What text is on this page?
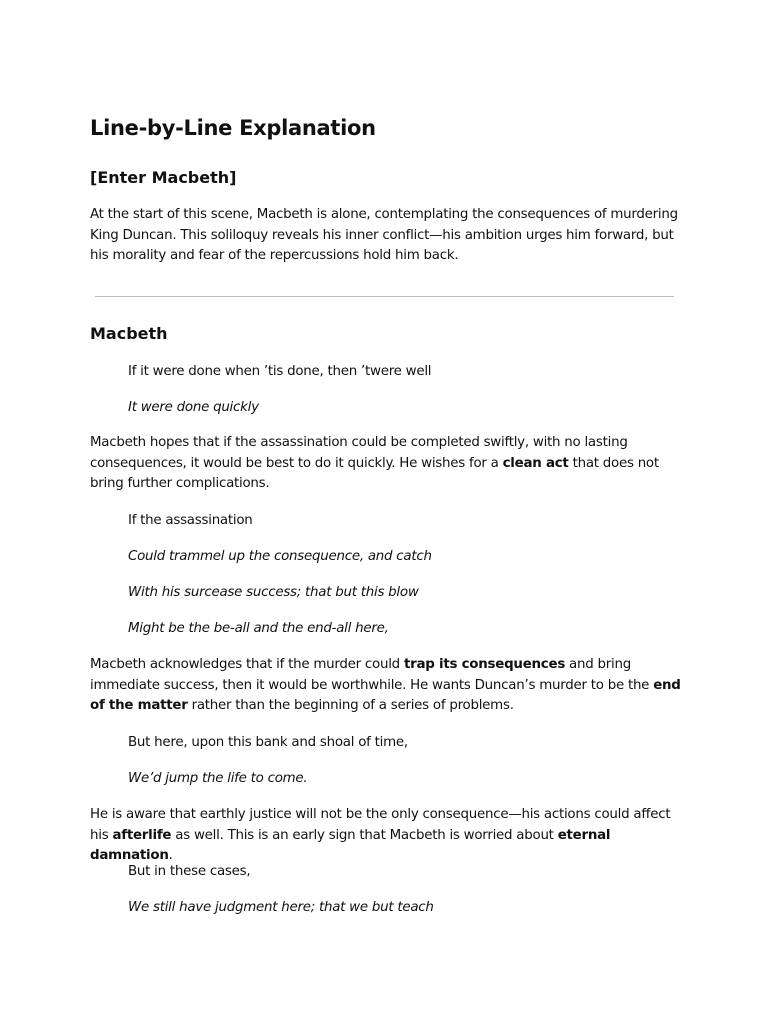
Line-by-Line Explanation
[Enter Macbeth]

At the start of this scene, Macbeth is alone, contemplating the consequences of murdering King Duncan. This soliloquy reveals his inner conflict—his ambition urges him forward, but his morality and fear of the repercussions hold him back.

Macbeth

If it were done when ’tis done, then ’twere well

It were done quickly

Macbeth hopes that if the assassination could be completed swiftly, with no lasting consequences, it would be best to do it quickly. He wishes for a clean act that does not bring further complications.

If the assassination

Could trammel up the consequence, and catch

With his surcease success; that but this blow

Might be the be-all and the end-all here,

Macbeth acknowledges that if the murder could trap its consequences and bring immediate success, then it would be worthwhile. He wants Duncan’s murder to be the end of the matter rather than the beginning of a series of problems.

But here, upon this bank and shoal of time,

We’d jump the life to come.

He is aware that earthly justice will not be the only consequence—his actions could affect his afterlife as well. This is an early sign that Macbeth is worried about eternal damnation.

But in these cases,

We still have judgment here; that we but teach
